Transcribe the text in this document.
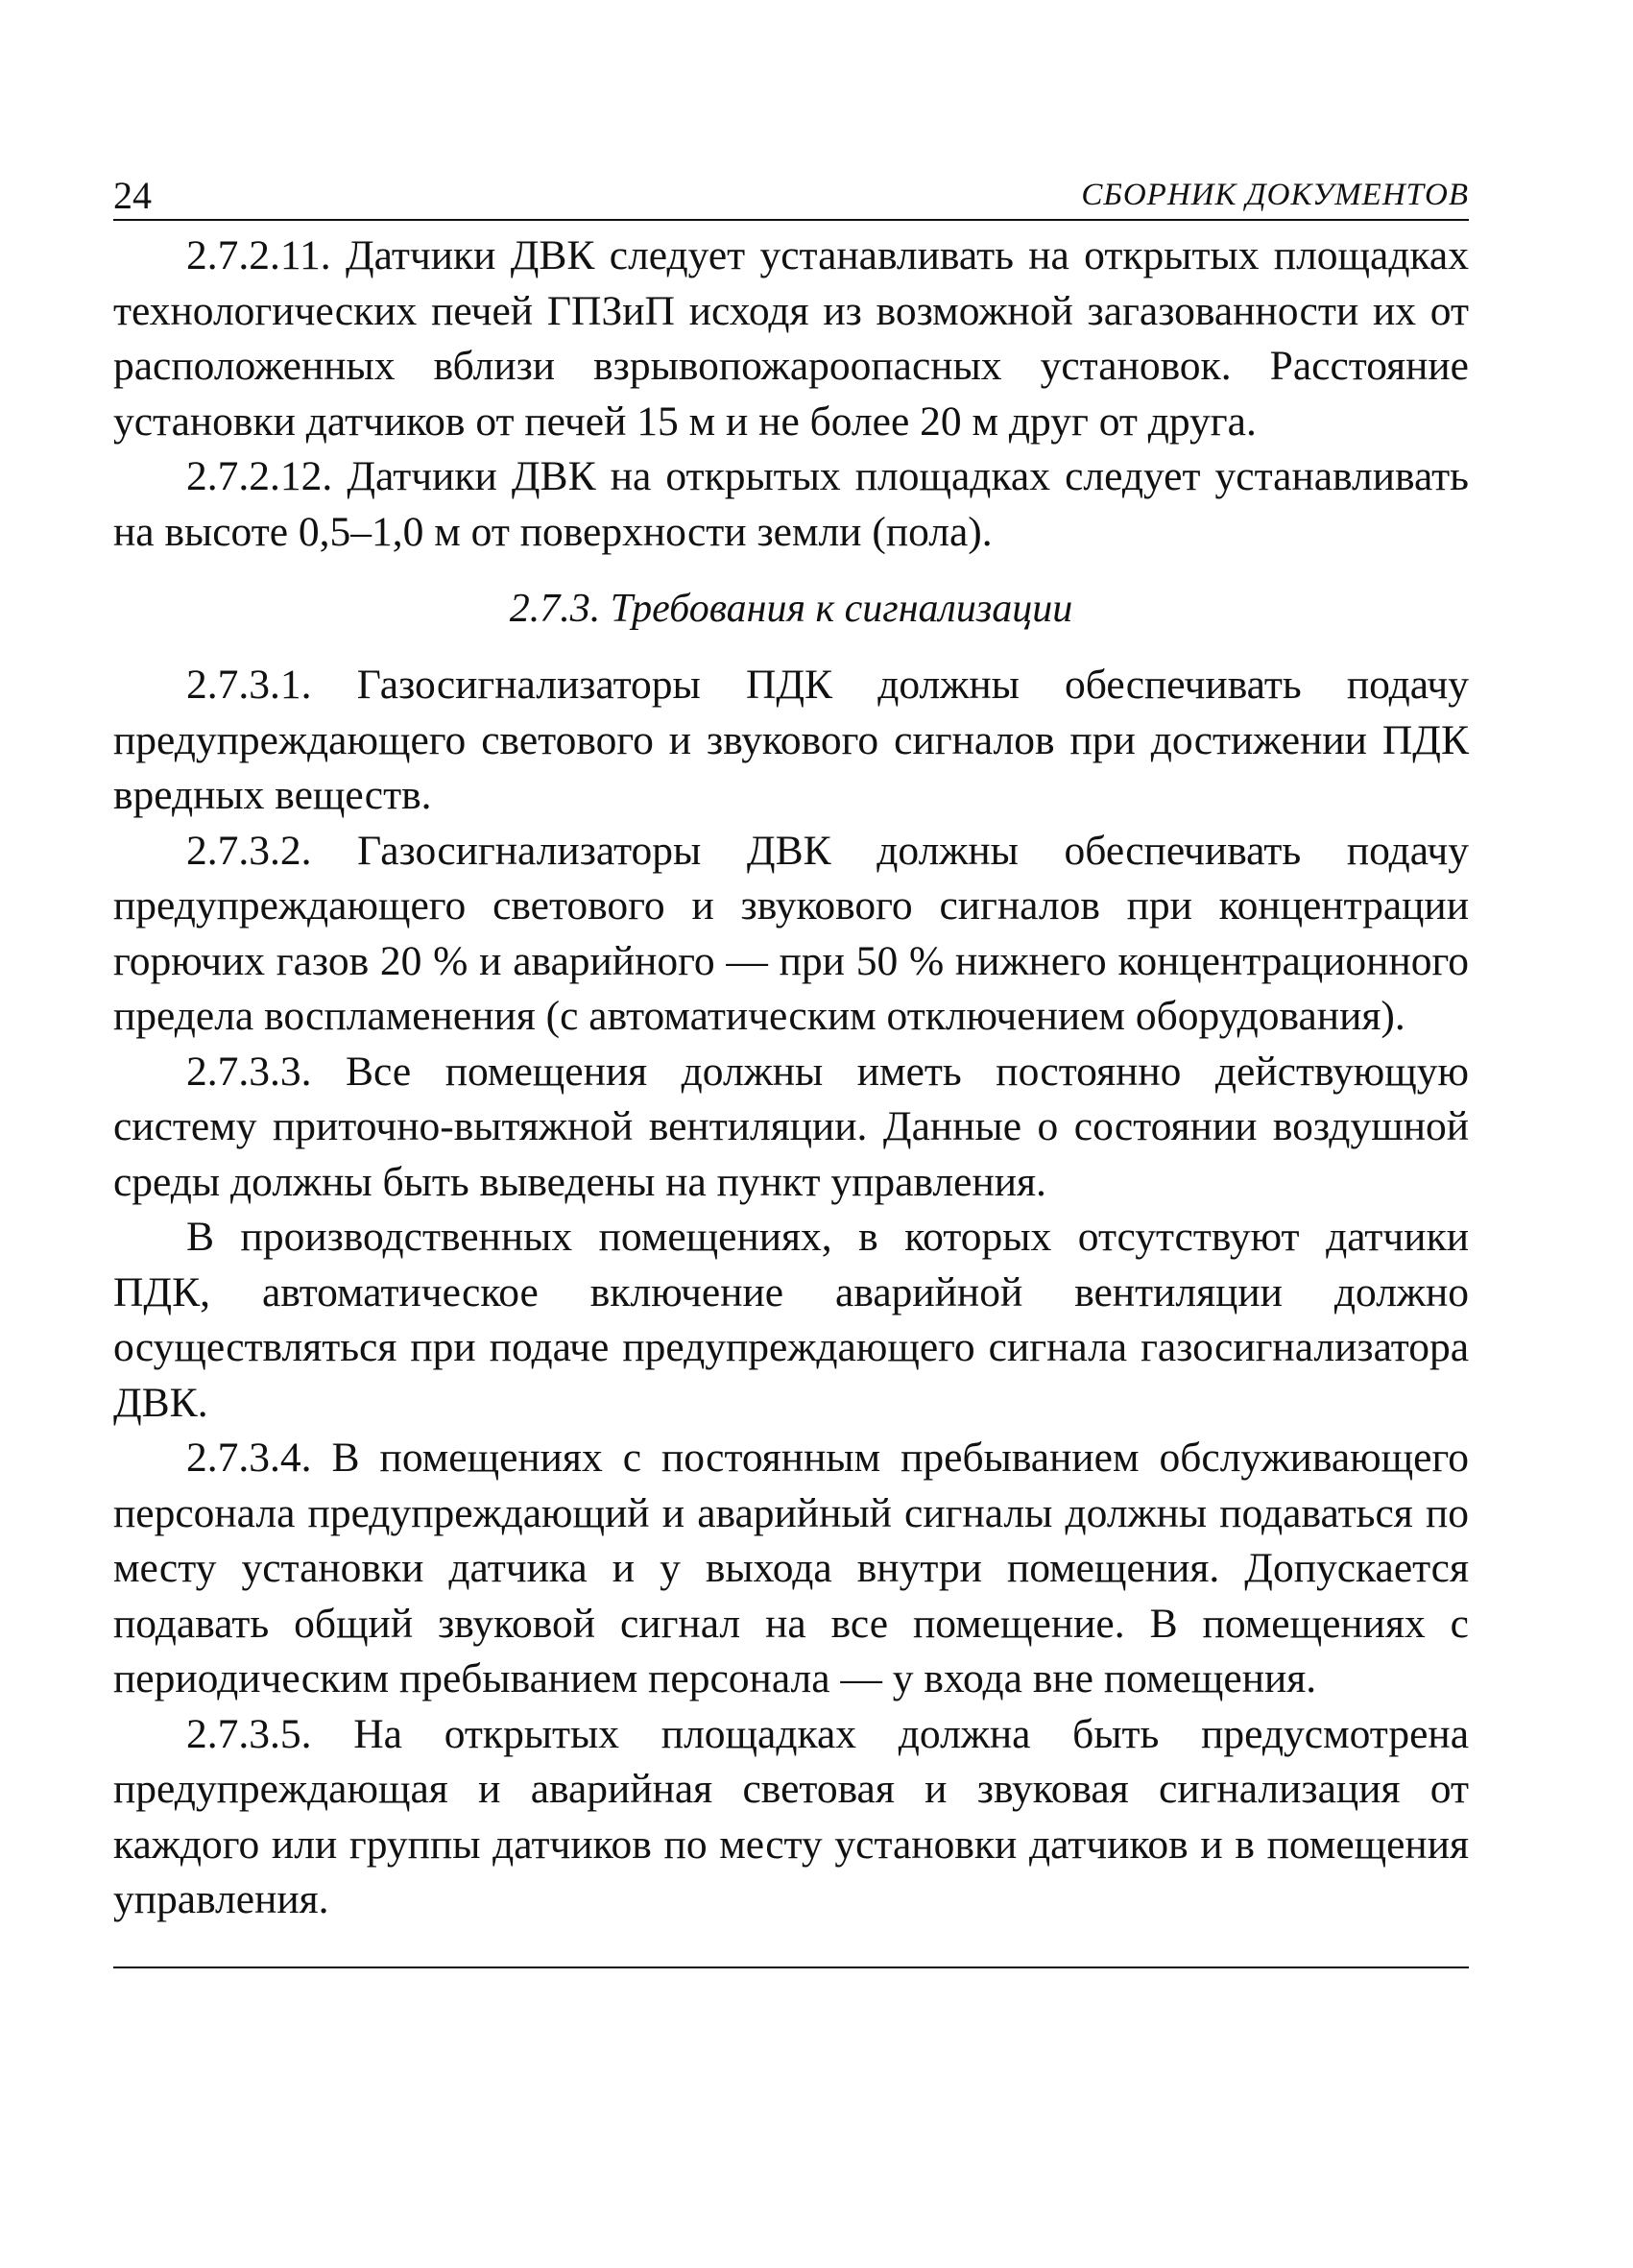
24	СБОРНИК ДОКУМЕНТОВ

2.7.2.11. Датчики ДВК следует устанавливать на открытых площадках технологических печей ГПЗиП исходя из возможной загазованности их от расположенных вблизи взрывопожароопасных установок. Расстояние установки датчиков от печей 15 м и не более 20 м друг от друга.

2.7.2.12. Датчики ДВК на открытых площадках следует устанавливать на высоте 0,5–1,0 м от поверхности земли (пола).

2.7.3. Требования к сигнализации

2.7.3.1. Газосигнализаторы ПДК должны обеспечивать подачу предупреждающего светового и звукового сигналов при достижении ПДК вредных веществ.

2.7.3.2. Газосигнализаторы ДВК должны обеспечивать подачу предупреждающего светового и звукового сигналов при концентрации горючих газов 20 % и аварийного — при 50 % нижнего концентрационного предела воспламенения (с автоматическим отключением оборудования).

2.7.3.3. Все помещения должны иметь постоянно действующую систему приточно-вытяжной вентиляции. Данные о состоянии воздушной среды должны быть выведены на пункт управления.

В производственных помещениях, в которых отсутствуют датчики ПДК, автоматическое включение аварийной вентиляции должно осуществляться при подаче предупреждающего сигнала газосигнализатора ДВК.

2.7.3.4. В помещениях с постоянным пребыванием обслуживающего персонала предупреждающий и аварийный сигналы должны подаваться по месту установки датчика и у выхода внутри помещения. Допускается подавать общий звуковой сигнал на все помещение. В помещениях с периодическим пребыванием персонала — у входа вне помещения.

2.7.3.5. На открытых площадках должна быть предусмотрена предупреждающая и аварийная световая и звуковая сигнализация от каждого или группы датчиков по месту установки датчиков и в помещения управления.
